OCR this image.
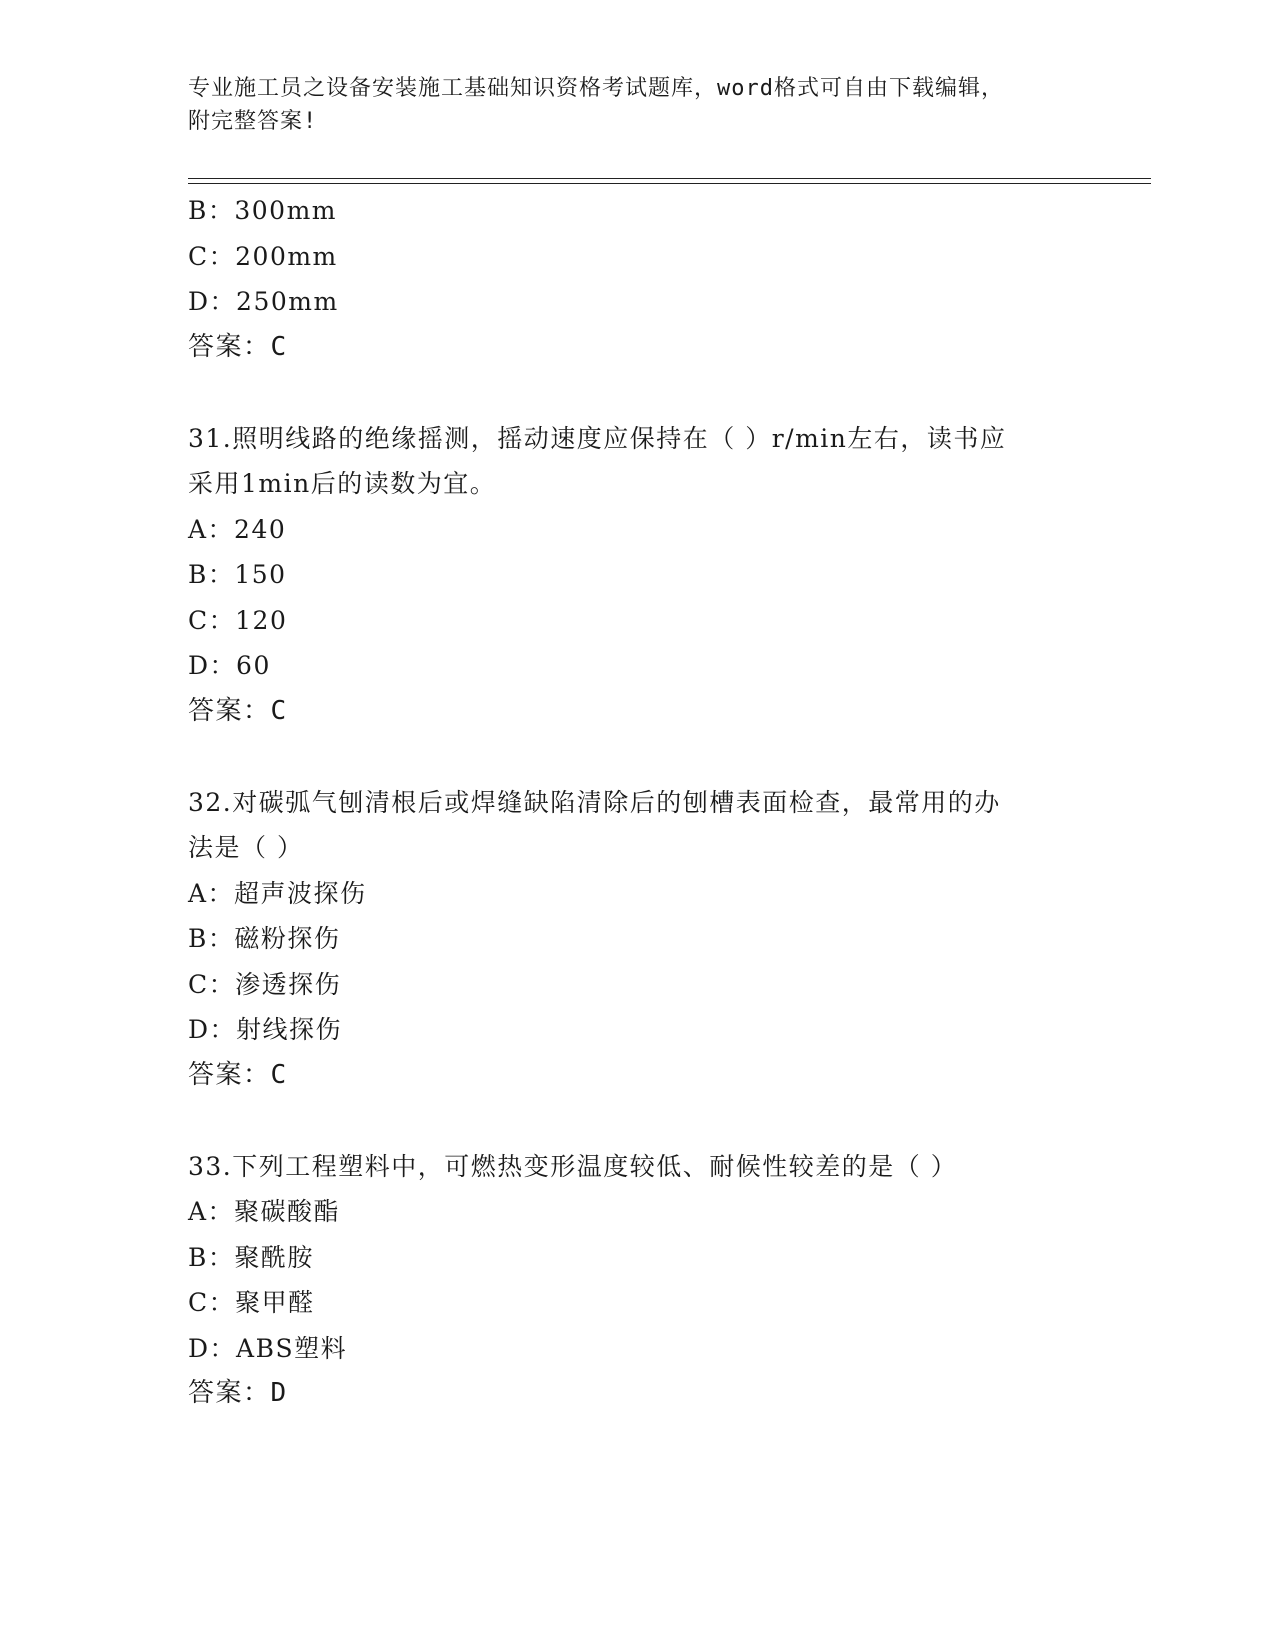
专业施工员之设备安装施工基础知识资格考试题库，word格式可自由下载编辑，
附完整答案!
B：300mm
C：200mm
D：250mm
答案：C
31.照明线路的绝缘摇测，摇动速度应保持在（ ）r/min左右，读书应
采用1min后的读数为宜。
A：240
B：150
C：120
D：60
答案：C
32.对碳弧气刨清根后或焊缝缺陷清除后的刨槽表面检查，最常用的办
法是（ ）
A：超声波探伤
B：磁粉探伤
C：渗透探伤
D：射线探伤
答案：C
33.下列工程塑料中，可燃热变形温度较低、耐候性较差的是（ ）
A：聚碳酸酯
B：聚酰胺
C：聚甲醛
D：ABS塑料
答案：D
